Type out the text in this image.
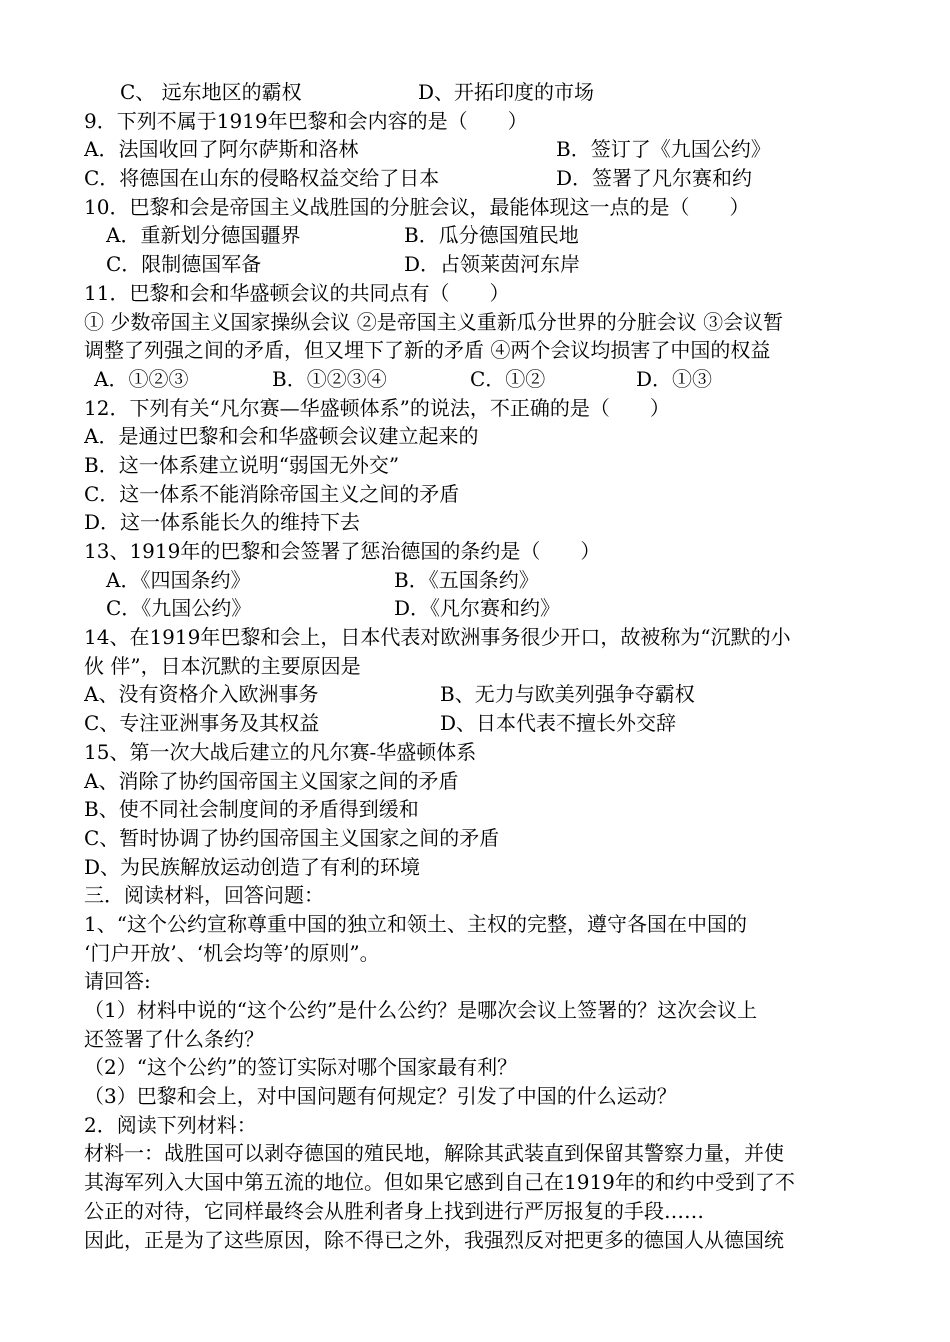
C、 远东地区的霸权	D、开拓印度的市场
9．下列不属于1919年巴黎和会内容的是（　　）
A．法国收回了阿尔萨斯和洛林	B．签订了《九国公约》
C．将德国在山东的侵略权益交给了日本	D．签署了凡尔赛和约
10．巴黎和会是帝国主义战胜国的分脏会议，最能体现这一点的是（　　）
A．重新划分德国疆界	B．瓜分德国殖民地
C．限制德国军备	D．占领莱茵河东岸
11．巴黎和会和华盛顿会议的共同点有（　　）
① 少数帝国主义国家操纵会议 ②是帝国主义重新瓜分世界的分脏会议 ③会议暂
调整了列强之间的矛盾，但又埋下了新的矛盾 ④两个会议均损害了中国的权益
A．①②③	B．①②③④	C．①②	D．①③
12．下列有关“凡尔赛—华盛顿体系”的说法，不正确的是（　　）
A．是通过巴黎和会和华盛顿会议建立起来的
B．这一体系建立说明“弱国无外交”
C．这一体系不能消除帝国主义之间的矛盾
D．这一体系能长久的维持下去
13、1919年的巴黎和会签署了惩治德国的条约是（　　）
A．《四国条约》	B．《五国条约》
C．《九国公约》	D．《凡尔赛和约》
14、在1919年巴黎和会上，日本代表对欧洲事务很少开口，故被称为“沉默的小
伙 伴”，日本沉默的主要原因是
A、没有资格介入欧洲事务	B、无力与欧美列强争夺霸权
C、专注亚洲事务及其权益	D、日本代表不擅长外交辞
15、第一次大战后建立的凡尔赛-华盛顿体系
A、消除了协约国帝国主义国家之间的矛盾
B、使不同社会制度间的矛盾得到缓和
C、暂时协调了协约国帝国主义国家之间的矛盾
D、为民族解放运动创造了有利的环境
三．阅读材料，回答问题：
1、“这个公约宣称尊重中国的独立和领土、主权的完整，遵守各国在中国的
‘门户开放’、‘机会均等’的原则”。
请回答:
（1）材料中说的“这个公约”是什么公约？是哪次会议上签署的？这次会议上
还签署了什么条约？
（2）“这个公约”的签订实际对哪个国家最有利？
（3）巴黎和会上，对中国问题有何规定？引发了中国的什么运动？
2．阅读下列材料：
材料一：战胜国可以剥夺德国的殖民地，解除其武装直到保留其警察力量，并使
其海军列入大国中第五流的地位。但如果它感到自己在1919年的和约中受到了不
公正的对待，它同样最终会从胜利者身上找到进行严厉报复的手段……
因此，正是为了这些原因，除不得已之外，我强烈反对把更多的德国人从德国统
